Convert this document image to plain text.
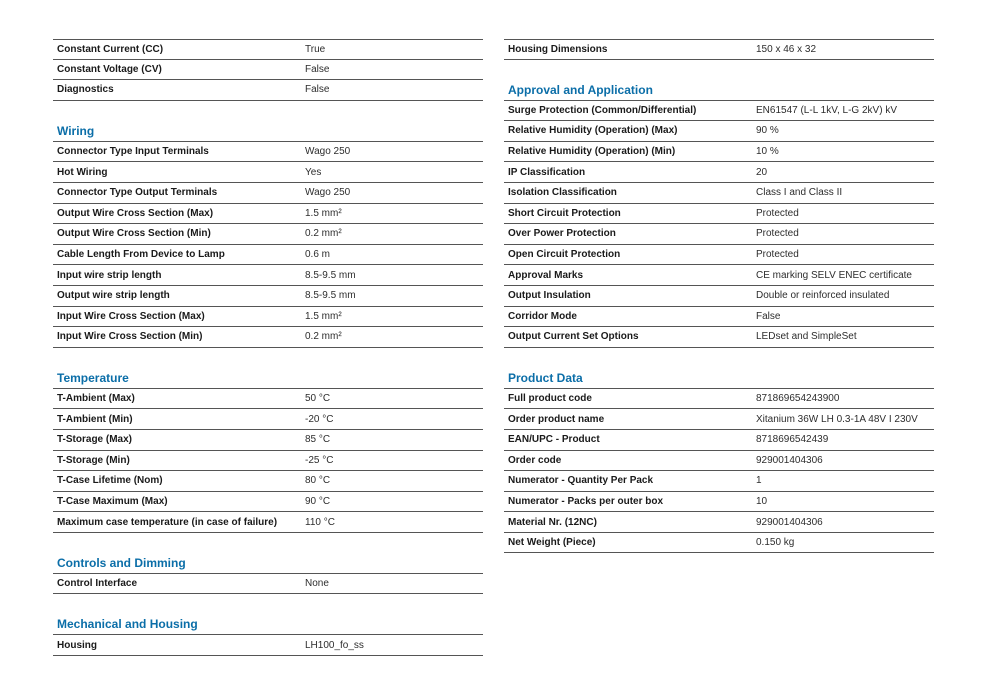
Constant Current (CC)	True
Constant Voltage (CV)	False
Diagnostics	False
Wiring
Connector Type Input Terminals	Wago 250
Hot Wiring	Yes
Connector Type Output Terminals	Wago 250
Output Wire Cross Section (Max)	1.5 mm²
Output Wire Cross Section (Min)	0.2 mm²
Cable Length From Device to Lamp	0.6 m
Input wire strip length	8.5-9.5 mm
Output wire strip length	8.5-9.5 mm
Input Wire Cross Section (Max)	1.5 mm²
Input Wire Cross Section (Min)	0.2 mm²
Temperature
T-Ambient (Max)	50 °C
T-Ambient (Min)	-20 °C
T-Storage (Max)	85 °C
T-Storage (Min)	-25 °C
T-Case Lifetime (Nom)	80 °C
T-Case Maximum (Max)	90 °C
Maximum case temperature (in case of failure)	110 °C
Controls and Dimming
Control Interface	None
Mechanical and Housing
Housing	LH100_fo_ss
Housing Dimensions	150 x 46 x 32
Approval and Application
Surge Protection (Common/Differential)	EN61547 (L-L 1kV, L-G 2kV) kV
Relative Humidity (Operation) (Max)	90 %
Relative Humidity (Operation) (Min)	10 %
IP Classification	20
Isolation Classification	Class I and Class II
Short Circuit Protection	Protected
Over Power Protection	Protected
Open Circuit Protection	Protected
Approval Marks	CE marking SELV ENEC certificate
Output Insulation	Double or reinforced insulated
Corridor Mode	False
Output Current Set Options	LEDset and SimpleSet
Product Data
Full product code	871869654243900
Order product name	Xitanium 36W LH 0.3-1A 48V I 230V
EAN/UPC - Product	8718696542439
Order code	929001404306
Numerator - Quantity Per Pack	1
Numerator - Packs per outer box	10
Material Nr. (12NC)	929001404306
Net Weight (Piece)	0.150 kg
